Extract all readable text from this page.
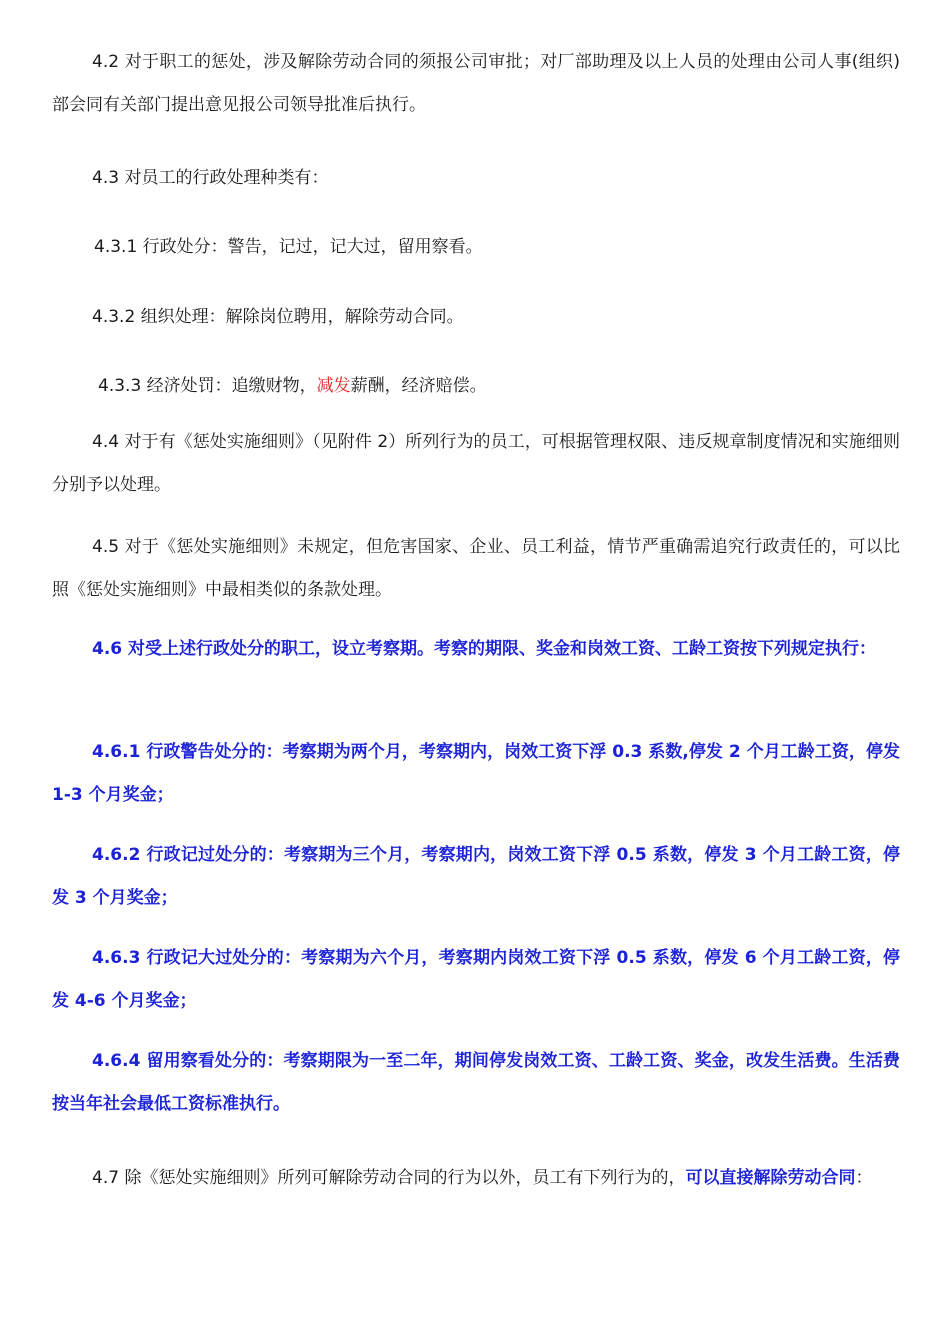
4.2 对于职工的惩处，涉及解除劳动合同的须报公司审批；对厂部助理及以上人员的处理由公司人事(组织)部会同有关部门提出意见报公司领导批准后执行。

4.3 对员工的行政处理种类有：

4.3.1 行政处分：警告，记过，记大过，留用察看。

4.3.2 组织处理：解除岗位聘用，解除劳动合同。

4.3.3 经济处罚：追缴财物，减发薪酬，经济赔偿。

4.4 对于有《惩处实施细则》（见附件 2）所列行为的员工，可根据管理权限、违反规章制度情况和实施细则分别予以处理。

4.5 对于《惩处实施细则》未规定，但危害国家、企业、员工利益，情节严重确需追究行政责任的，可以比照《惩处实施细则》中最相类似的条款处理。

4.6 对受上述行政处分的职工，设立考察期。考察的期限、奖金和岗效工资、工龄工资按下列规定执行：

4.6.1 行政警告处分的：考察期为两个月，考察期内，岗效工资下浮 0.3 系数,停发 2 个月工龄工资，停发 1-3 个月奖金；

4.6.2 行政记过处分的：考察期为三个月，考察期内，岗效工资下浮 0.5 系数，停发 3 个月工龄工资，停发 3 个月奖金；

4.6.3 行政记大过处分的：考察期为六个月，考察期内岗效工资下浮 0.5 系数，停发 6 个月工龄工资，停发 4-6 个月奖金；

4.6.4 留用察看处分的：考察期限为一至二年，期间停发岗效工资、工龄工资、奖金，改发生活费。生活费按当年社会最低工资标准执行。

4.7 除《惩处实施细则》所列可解除劳动合同的行为以外，员工有下列行为的，可以直接解除劳动合同：
